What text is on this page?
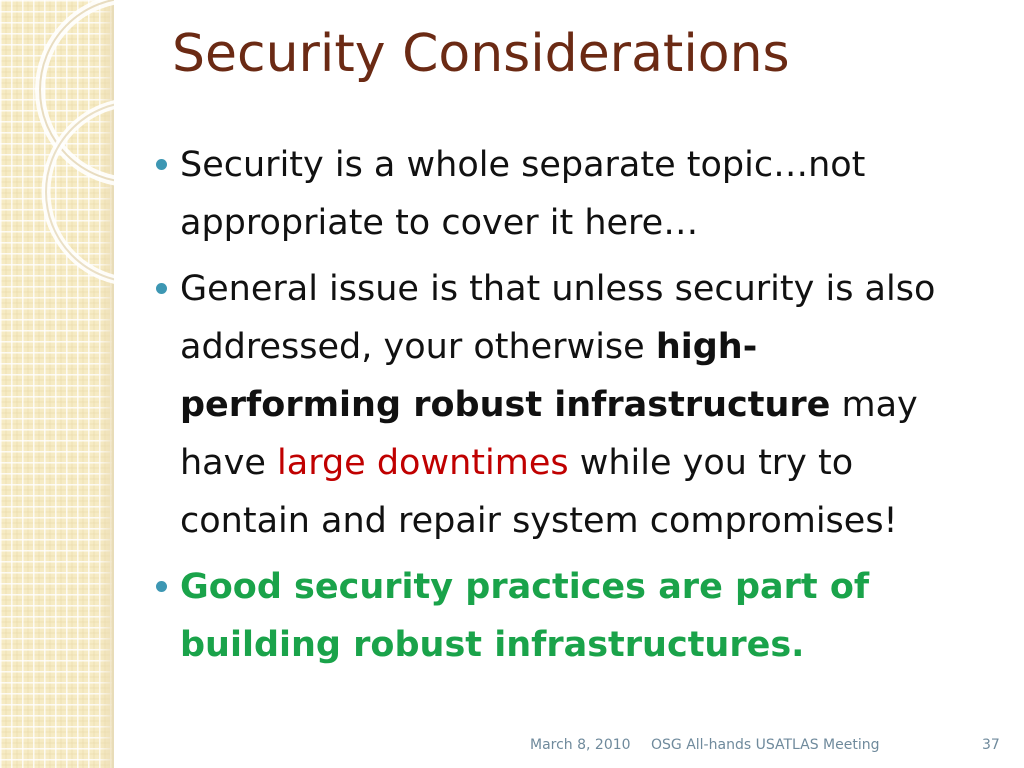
Security Considerations
Security is a whole separate topic…not appropriate to cover it here…
General issue is that unless security is also addressed, your otherwise high-performing robust infrastructure may have large downtimes while you try to contain and repair system compromises!
Good security practices are part of building robust infrastructures.
March 8, 2010 OSG All-hands USATLAS Meeting	37
